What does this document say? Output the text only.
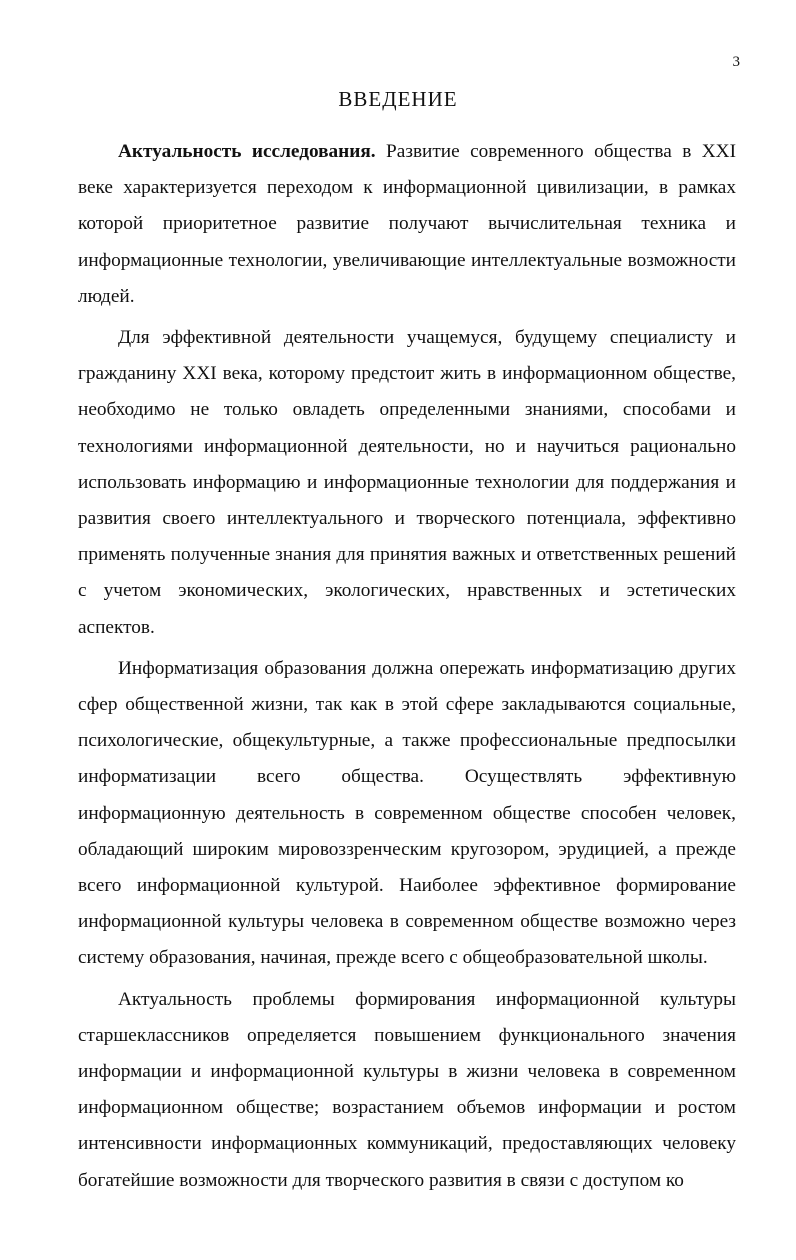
3
ВВЕДЕНИЕ

Актуальность исследования. Развитие современного общества в XXI веке характеризуется переходом к информационной цивилизации, в рамках которой приоритетное развитие получают вычислительная техника и информационные технологии, увеличивающие интеллектуальные возможности людей.

Для эффективной деятельности учащемуся, будущему специалисту и гражданину XXI века, которому предстоит жить в информационном обществе, необходимо не только овладеть определенными знаниями, способами и технологиями информационной деятельности, но и научиться рационально использовать информацию и информационные технологии для поддержания и развития своего интеллектуального и творческого потенциала, эффективно применять полученные знания для принятия важных и ответственных решений с учетом экономических, экологических, нравственных и эстетических аспектов.

Информатизация образования должна опережать информатизацию других сфер общественной жизни, так как в этой сфере закладываются социальные, психологические, общекультурные, а также профессиональные предпосылки информатизации всего общества. Осуществлять эффективную информационную деятельность в современном обществе способен человек, обладающий широким мировоззренческим кругозором, эрудицией, а прежде всего информационной культурой. Наиболее эффективное формирование информационной культуры человека в современном обществе возможно через систему образования, начиная, прежде всего с общеобразовательной школы.

Актуальность проблемы формирования информационной культуры старшеклассников определяется повышением функционального значения информации и информационной культуры в жизни человека в современном информационном обществе; возрастанием объемов информации и ростом интенсивности информационных коммуникаций, предоставляющих человеку богатейшие возможности для творческого развития в связи с доступом ко
